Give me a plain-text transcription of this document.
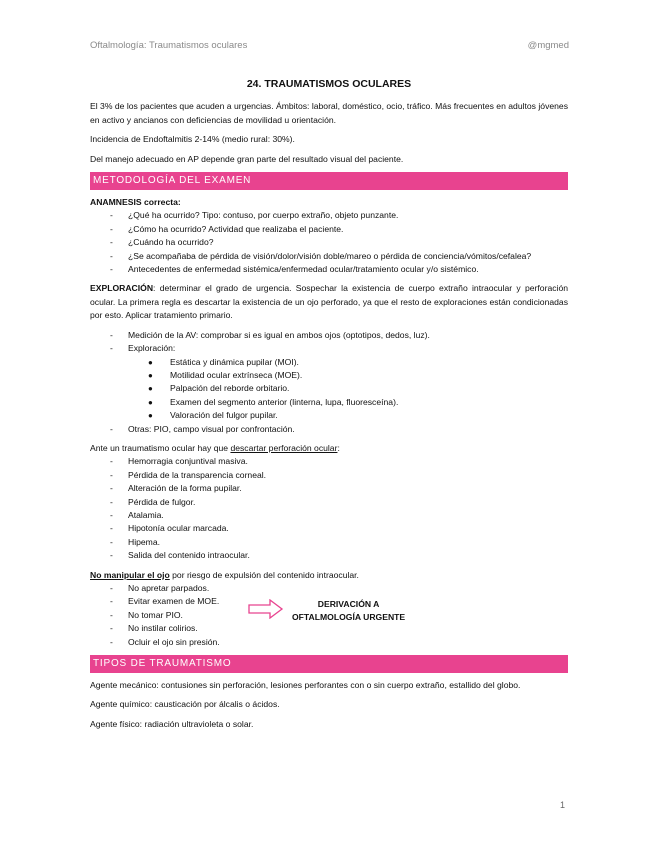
Oftalmología: Traumatismos oculares	@mgmed
24. TRAUMATISMOS OCULARES

El 3% de los pacientes que acuden a urgencias. Ámbitos: laboral, doméstico, ocio, tráfico. Más frecuentes en adultos jóvenes en activo y ancianos con deficiencias de movilidad u orientación.

Incidencia de Endoftalmitis 2-14% (medio rural: 30%).

Del manejo adecuado en AP depende gran parte del resultado visual del paciente.

METODOLOGÍA DEL EXAMEN
ANAMNESIS correcta:
- ¿Qué ha ocurrido? Tipo: contuso, por cuerpo extraño, objeto punzante.
- ¿Cómo ha ocurrido? Actividad que realizaba el paciente.
- ¿Cuándo ha ocurrido?
- ¿Se acompañaba de pérdida de visión/dolor/visión doble/mareo o pérdida de conciencia/vómitos/cefalea?
- Antecedentes de enfermedad sistémica/enfermedad ocular/tratamiento ocular y/o sistémico.

EXPLORACIÓN: determinar el grado de urgencia. Sospechar la existencia de cuerpo extraño intraocular y perforación ocular. La primera regla es descartar la existencia de un ojo perforado, ya que el resto de exploraciones están condicionadas por esto. Aplicar tratamiento primario.

- Medición de la AV: comprobar si es igual en ambos ojos (optotipos, dedos, luz).
- Exploración:
● Estática y dinámica pupilar (MOI).
● Motilidad ocular extrínseca (MOE).
● Palpación del reborde orbitario.
● Examen del segmento anterior (linterna, lupa, fluoresceína).
● Valoración del fulgor pupilar.
- Otras: PIO, campo visual por confrontación.
Ante un traumatismo ocular hay que descartar perforación ocular:
- Hemorragia conjuntival masiva.
- Pérdida de la transparencia corneal.
- Alteración de la forma pupilar.
- Pérdida de fulgor.
- Atalamia.
- Hipotonía ocular marcada.
- Hipema.
- Salida del contenido intraocular.
No manipular el ojo por riesgo de expulsión del contenido intraocular.
- No apretar parpados.
- Evitar examen de MOE.
- No tomar PIO.
- No instilar colirios.
- Ocluir el ojo sin presión.
DERIVACIÓN A
OFTALMOLOGÍA URGENTE
TIPOS DE TRAUMATISMO

Agente mecánico: contusiones sin perforación, lesiones perforantes con o sin cuerpo extraño, estallido del globo.

Agente químico: causticación por álcalis o ácidos.

Agente físico: radiación ultravioleta o solar.

1
